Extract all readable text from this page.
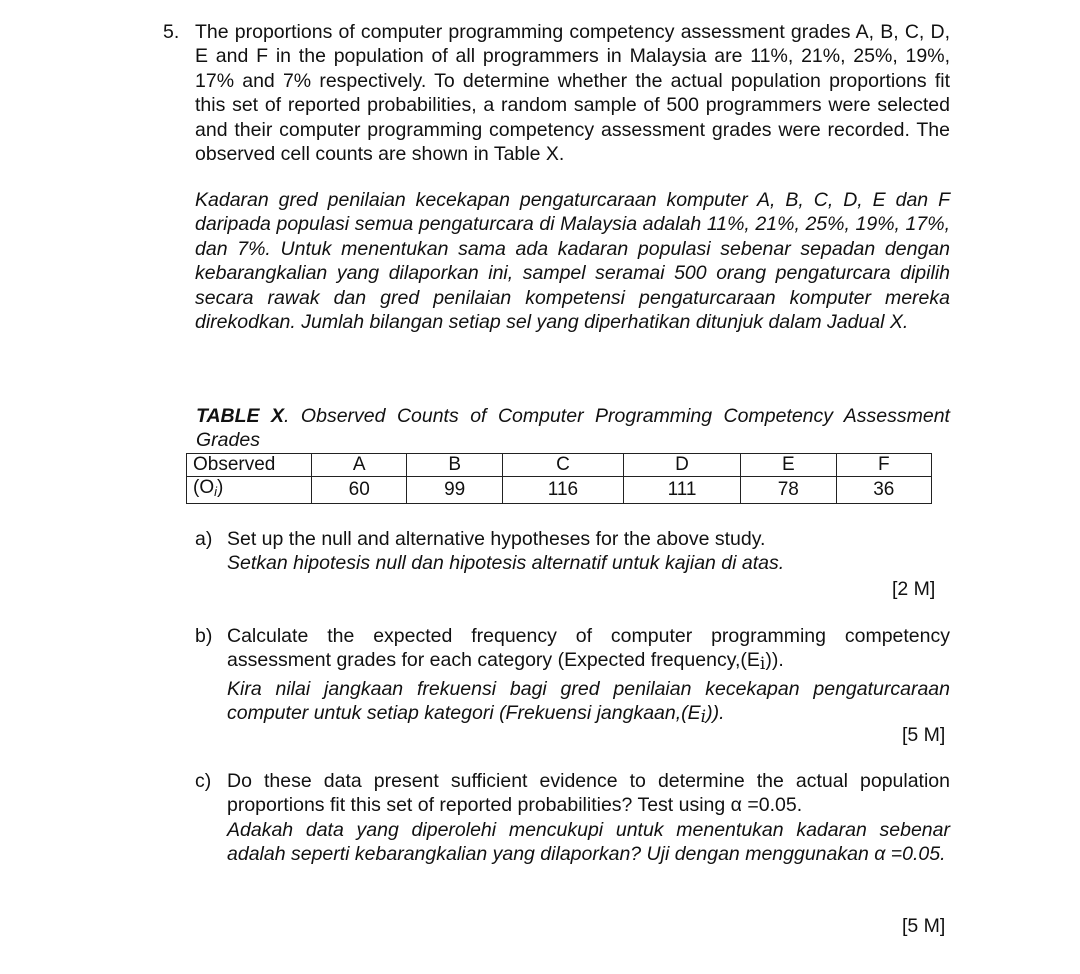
5. The proportions of computer programming competency assessment grades A, B, C, D, E and F in the population of all programmers in Malaysia are 11%, 21%, 25%, 19%, 17% and 7% respectively. To determine whether the actual population proportions fit this set of reported probabilities, a random sample of 500 programmers were selected and their computer programming competency assessment grades were recorded. The observed cell counts are shown in Table X.

Kadaran gred penilaian kecekapan pengaturcaraan komputer A, B, C, D, E dan F daripada populasi semua pengaturcara di Malaysia adalah 11%, 21%, 25%, 19%, 17%, dan 7%. Untuk menentukan sama ada kadaran populasi sebenar sepadan dengan kebarangkalian yang dilaporkan ini, sampel seramai 500 orang pengaturcara dipilih secara rawak dan gred penilaian kompetensi pengaturcaraan komputer mereka direkodkan. Jumlah bilangan setiap sel yang diperhatikan ditunjuk dalam Jadual X.

TABLE X. Observed Counts of Computer Programming Competency Assessment Grades
Observed	A	B	C	D	E	F
$(O_i)$	60	99	116	111	78	36
a) Set up the null and alternative hypotheses for the above study.
Setkan hipotesis null dan hipotesis alternatif untuk kajian di atas.
[2 M]
b) Calculate the expected frequency of computer programming competency assessment grades for each category (Expected frequency,(Ei)).
Kira nilai jangkaan frekuensi bagi gred penilaian kecekapan pengaturcaraan computer untuk setiap kategori (Frekuensi jangkaan,(Ei)).
[5 M]
c) Do these data present sufficient evidence to determine the actual population proportions fit this set of reported probabilities? Test using α =0.05.
Adakah data yang diperolehi mencukupi untuk menentukan kadaran sebenar adalah seperti kebarangkalian yang dilaporkan? Uji dengan menggunakan α =0.05.
[5 M]
